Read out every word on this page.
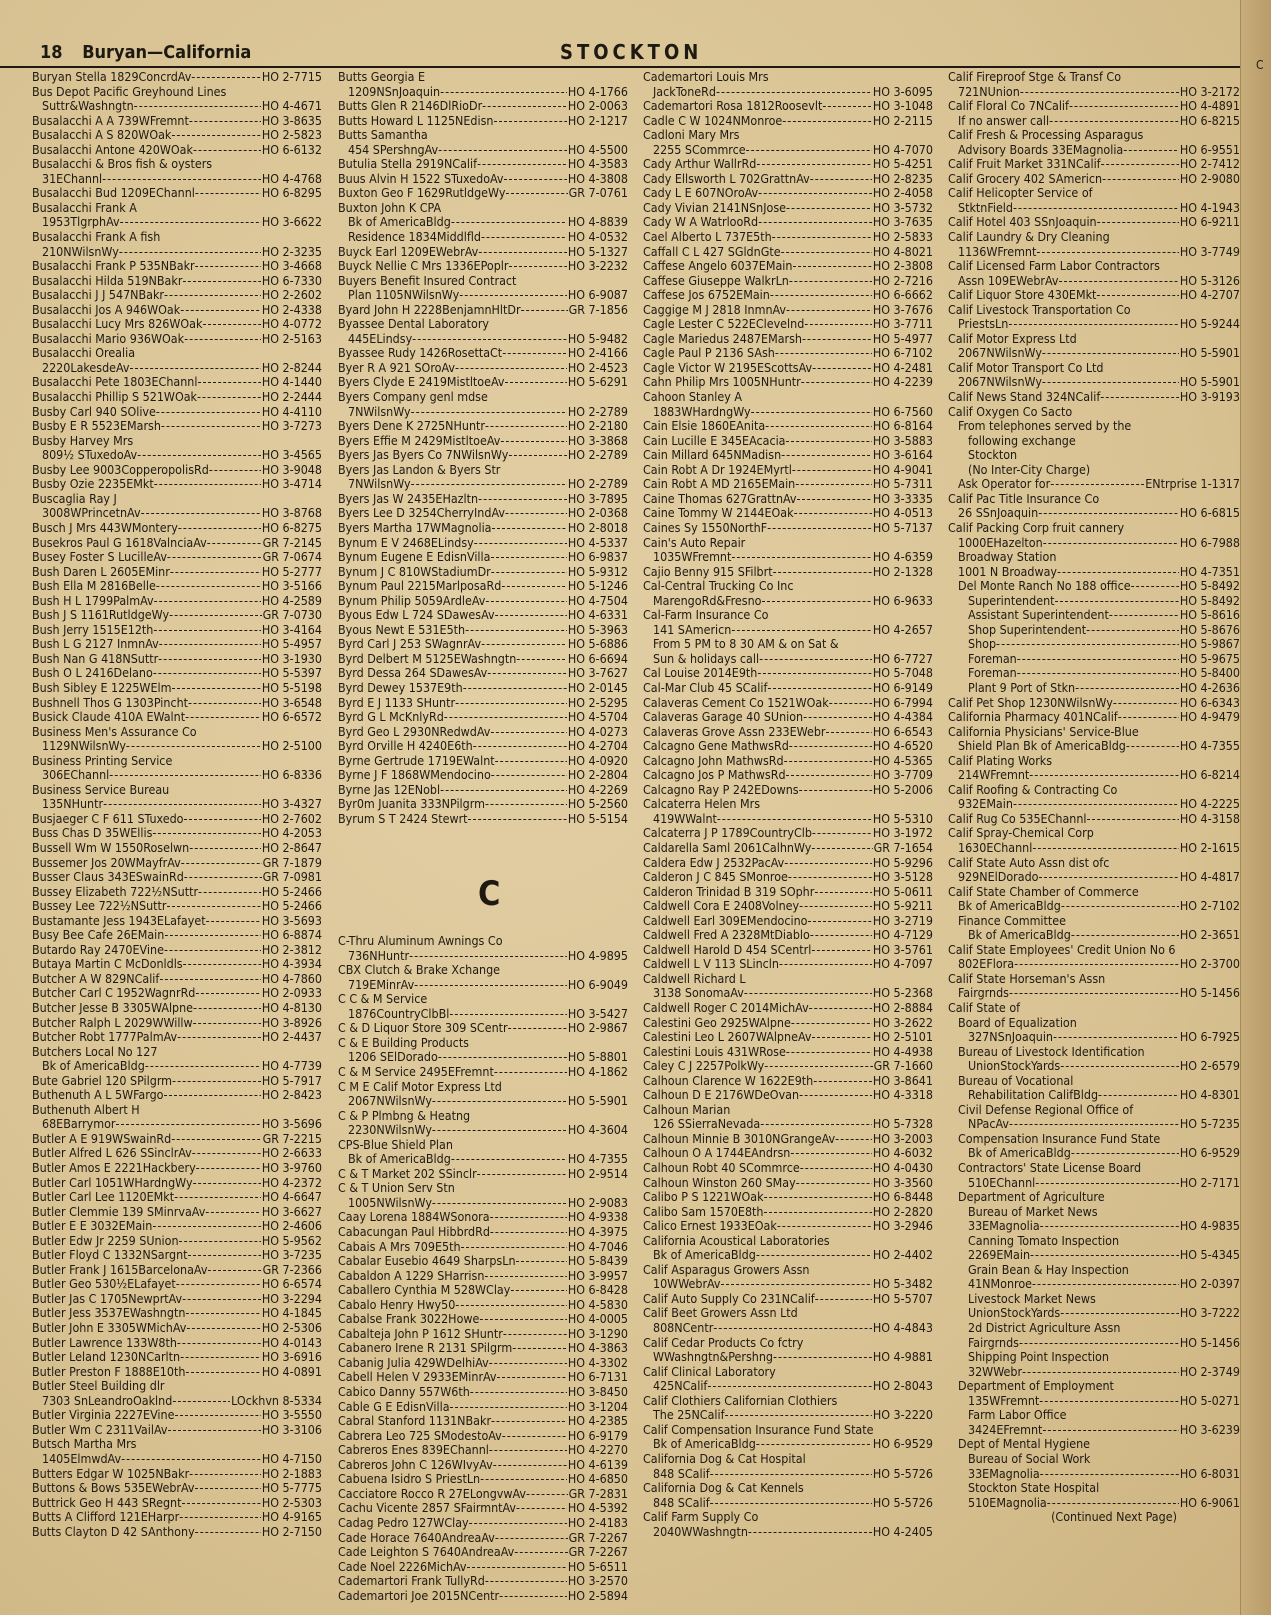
18 Buryan—California	STOCKTON
C
Buryan Stella 1829ConcrdAv -----	HO 2-7715
Bus Depot Pacific Greyhound Lines
Suttr&Washngtn -----	HO 4-4671
Busalacchi A A 739WFremnt -----	HO 3-8635
Busalacchi A S 820WOak -----	HO 2-5823
Busalacchi Antone 420WOak -----	HO 6-6132
Busalacchi & Bros fish & oysters
31EChannl -----	HO 4-4768
Busalacchi Bud 1209EChannl -----	HO 6-8295
Busalacchi Frank A
1953TlgrphAv -----	HO 3-6622
Busalacchi Frank A fish
210NWilsnWy -----	HO 2-3235
Busalacchi Frank P 535NBakr -----	HO 3-4668
Busalacchi Hilda 519NBakr -----	HO 6-7330
Busalacchi J J 547NBakr -----	HO 2-2602
Busalacchi Jos A 946WOak -----	HO 2-4338
Busalacchi Lucy Mrs 826WOak -----	HO 4-0772
Busalacchi Mario 936WOak -----	HO 2-5163
Busalacchi Orealia
2220LakesdeAv -----	HO 2-8244
Busalacchi Pete 1803EChannl -----	HO 4-1440
Busalacchi Phillip S 521WOak -----	HO 2-2444
Busby Carl 940 SOlive -----	HO 4-4110
Busby E R 5523EMarsh -----	HO 3-7273
Busby Harvey Mrs
809½ STuxedoAv -----	HO 3-4565
Busby Lee 9003CopperopolisRd -----	HO 3-9048
Busby Ozie 2235EMkt -----	HO 3-4714
Buscaglia Ray J
3008WPrincetnAv -----	HO 3-8768
Busch J Mrs 443WMontery -----	HO 6-8275
Busekros Paul G 1618ValnciaAv -----	GR 7-2145
Busey Foster S LucilleAv -----	GR 7-0674
Bush Daren L 2605EMinr -----	HO 5-2777
Bush Ella M 2816Belle -----	HO 3-5166
Bush H L 1799PalmAv -----	HO 4-2589
Bush J S 1161RutldgeWy -----	GR 7-0730
Bush Jerry 1515E12th -----	HO 3-4164
Bush L G 2127 InmnAv -----	HO 5-4957
Bush Nan G 418NSuttr -----	HO 3-1930
Bush O L 2416Delano -----	HO 5-5397
Bush Sibley E 1225WElm -----	HO 5-5198
Bushnell Thos G 1303Pincht -----	HO 3-6548
Busick Claude 410A EWalnt -----	HO 6-6572
Business Men's Assurance Co
1129NWilsnWy -----	HO 2-5100
Business Printing Service
306EChannl -----	HO 6-8336
Business Service Bureau
135NHuntr -----	HO 3-4327
Busjaeger C F 611 STuxedo -----	HO 2-7602
Buss Chas D 35WEllis -----	HO 4-2053
Bussell Wm W 1550Roselwn -----	HO 2-8647
Bussemer Jos 20WMayfrAv -----	GR 7-1879
Busser Claus 343ESwainRd -----	GR 7-0981
Bussey Elizabeth 722½NSuttr -----	HO 5-2466
Bussey Lee 722½NSuttr -----	HO 5-2466
Bustamante Jess 1943ELafayet -----	HO 3-5693
Busy Bee Cafe 26EMain -----	HO 6-8874
Butardo Ray 2470EVine -----	HO 2-3812
Butaya Martin C McDonldls -----	HO 4-3934
Butcher A W 829NCalif -----	HO 4-7860
Butcher Carl C 1952WagnrRd -----	HO 2-0933
Butcher Jesse B 3305WAlpne -----	HO 4-8130
Butcher Ralph L 2029WWillw -----	HO 3-8926
Butcher Robt 1777PalmAv -----	HO 2-4437
Butchers Local No 127
Bk of AmericaBldg -----	HO 4-7739
Bute Gabriel 120 SPilgrm -----	HO 5-7917
Buthenuth A L 5WFargo -----	HO 2-8423
Buthenuth Albert H
68EBarrymor -----	HO 3-5696
Butler A E 919WSwainRd -----	GR 7-2215
Butler Alfred L 626 SSinclrAv -----	HO 2-6633
Butler Amos E 2221Hackbery -----	HO 3-9760
Butler Carl 1051WHardngWy -----	HO 4-2372
Butler Carl Lee 1120EMkt -----	HO 4-6647
Butler Clemmie 139 SMinrvaAv -----	HO 3-6627
Butler E E 3032EMain -----	HO 2-4606
Butler Edw Jr 2259 SUnion -----	HO 5-9562
Butler Floyd C 1332NSargnt -----	HO 3-7235
Butler Frank J 1615BarcelonaAv -----	GR 7-2366
Butler Geo 530½ELafayet -----	HO 6-6574
Butler Jas C 1705NewprtAv -----	HO 3-2294
Butler Jess 3537EWashngtn -----	HO 4-1845
Butler John E 3305WMichAv -----	HO 2-5306
Butler Lawrence 133W8th -----	HO 4-0143
Butler Leland 1230NCarltn -----	HO 3-6916
Butler Preston F 1888E10th -----	HO 4-0891
Butler Steel Building dlr
7303 SnLeandroOaklnd -----	LOckhvn 8-5334
Butler Virginia 2227EVine -----	HO 3-5550
Butler Wm C 2311VailAv -----	HO 3-3106
Butsch Martha Mrs
1405ElmwdAv -----	HO 4-7150
Butters Edgar W 1025NBakr -----	HO 2-1883
Buttons & Bows 535EWebrAv -----	HO 5-7775
Buttrick Geo H 443 SRegnt -----	HO 2-5303
Butts A Clifford 121EHarpr -----	HO 4-9165
Butts Clayton D 42 SAnthony -----	HO 2-7150
Butts Georgia E
1209NSnJoaquin -----	HO 4-1766
Butts Glen R 2146DlRioDr -----	HO 2-0063
Butts Howard L 1125NEdisn -----	HO 2-1217
Butts Samantha
454 SPershngAv -----	HO 4-5500
Butulia Stella 2919NCalif -----	HO 4-3583
Buus Alvin H 1522 STuxedoAv -----	HO 4-3808
Buxton Geo F 1629RutldgeWy -----	GR 7-0761
Buxton John K CPA
Bk of AmericaBldg -----	HO 4-8839
Residence 1834Middlfld -----	HO 4-0532
Buyck Earl 1209EWebrAv -----	HO 5-1327
Buyck Nellie C Mrs 1336EPoplr -----	HO 3-2232
Buyers Benefit Insured Contract
Plan 1105NWilsnWy -----	HO 6-9087
Byard John H 2228BenjamnHltDr -----	GR 7-1856
Byassee Dental Laboratory
445ELindsy -----	HO 5-9482
Byassee Rudy 1426RosettaCt -----	HO 2-4166
Byer R A 921 SOroAv -----	HO 2-4523
Byers Clyde E 2419MistltoeAv -----	HO 5-6291
Byers Company genl mdse
7NWilsnWy -----	HO 2-2789
Byers Dene K 2725NHuntr -----	HO 2-2180
Byers Effie M 2429MistltoeAv -----	HO 3-3868
Byers Jas Byers Co 7NWilsnWy -----	HO 2-2789
Byers Jas Landon & Byers Str
7NWilsnWy -----	HO 2-2789
Byers Jas W 2435EHazltn -----	HO 3-7895
Byers Lee D 3254CherryIndAv -----	HO 2-0368
Byers Martha 17WMagnolia -----	HO 2-8018
Bynum E V 2468ELindsy -----	HO 4-5337
Bynum Eugene E EdisnVilla -----	HO 6-9837
Bynum J C 810WStadiumDr -----	HO 5-9312
Bynum Paul 2215MarlposaRd -----	HO 5-1246
Bynum Philip 5059ArdleAv -----	HO 4-7504
Byous Edw L 724 SDawesAv -----	HO 4-6331
Byous Newt E 531E5th -----	HO 5-3963
Byrd Carl J 253 SWagnrAv -----	HO 5-6886
Byrd Delbert M 5125EWashngtn -----	HO 6-6694
Byrd Dessa 264 SDawesAv -----	HO 3-7627
Byrd Dewey 1537E9th -----	HO 2-0145
Byrd E J 1133 SHuntr -----	HO 2-5295
Byrd G L McKnlyRd -----	HO 4-5704
Byrd Geo L 2930NRedwdAv -----	HO 4-0273
Byrd Orville H 4240E6th -----	HO 4-2704
Byrne Gertrude 1719EWalnt -----	HO 4-0920
Byrne J F 1868WMendocino -----	HO 2-2804
Byrne Jas 12ENobl -----	HO 4-2269
Byr0m Juanita 333NPilgrm -----	HO 5-2560
Byrum S T 2424 Stewrt -----	HO 5-5154
C
C-Thru Aluminum Awnings Co
736NHuntr -----	HO 4-9895
CBX Clutch & Brake Xchange
719EMinrAv -----	HO 6-9049
C C & M Service
1876CountryClbBl -----	HO 3-5427
C & D Liquor Store 309 SCentr -----	HO 2-9867
C & E Building Products
1206 SElDorado -----	HO 5-8801
C & M Service 2495EFremnt -----	HO 4-1862
C M E Calif Motor Express Ltd
2067NWilsnWy -----	HO 5-5901
C & P Plmbng & Heatng
2230NWilsnWy -----	HO 4-3604
CPS-Blue Shield Plan
Bk of AmericaBldg -----	HO 4-7355
C & T Market 202 SSinclr -----	HO 2-9514
C & T Union Serv Stn
1005NWilsnWy -----	HO 2-9083
Caay Lorena 1884WSonora -----	HO 4-9338
Cabacungan Paul HibbrdRd -----	HO 4-3975
Cabais A Mrs 709E5th -----	HO 4-7046
Cabalar Eusebio 4649 SharpsLn -----	HO 5-8439
Cabaldon A 1229 SHarrisn -----	HO 3-9957
Caballero Cynthia M 528WClay -----	HO 6-8428
Cabalo Henry Hwy50 -----	HO 4-5830
Cabalse Frank 3022Howe -----	HO 4-0005
Cabalteja John P 1612 SHuntr -----	HO 3-1290
Cabanero Irene R 2131 SPilgrm -----	HO 4-3863
Cabanig Julia 429WDelhiAv -----	HO 4-3302
Cabell Helen V 2933EMinrAv -----	HO 6-7131
Cabico Danny 557W6th -----	HO 3-8450
Cable G E EdisnVilla -----	HO 3-1204
Cabral Stanford 1131NBakr -----	HO 4-2385
Cabrera Leo 725 SModestoAv -----	HO 6-9179
Cabreros Enes 839EChannl -----	HO 4-2270
Cabreros John C 126WIvyAv -----	HO 4-6139
Cabuena Isidro S PriestLn -----	HO 4-6850
Cacciatore Rocco R 27ELongvwAv -----	GR 7-2831
Cachu Vicente 2857 SFairmntAv -----	HO 4-5392
Cadag Pedro 127WClay -----	HO 2-4183
Cade Horace 7640AndreaAv -----	GR 7-2267
Cade Leighton S 7640AndreaAv -----	GR 7-2267
Cade Noel 2226MichAv -----	HO 5-6511
Cademartori Frank TullyRd -----	HO 3-2570
Cademartori Joe 2015NCentr -----	HO 2-5894
Cademartori Louis Mrs
JackToneRd -----	HO 3-6095
Cademartori Rosa 1812Roosevlt -----	HO 3-1048
Cadle C W 1024NMonroe -----	HO 2-2115
Cadloni Mary Mrs
2255 SCommrce -----	HO 4-7070
Cady Arthur WallrRd -----	HO 5-4251
Cady Ellsworth L 702GrattnAv -----	HO 2-8235
Cady L E 607NOroAv -----	HO 2-4058
Cady Vivian 2141NSnJose -----	HO 3-5732
Cady W A WatrlooRd -----	HO 3-7635
Cael Alberto L 737E5th -----	HO 2-5833
Caffall C L 427 SGldnGte -----	HO 4-8021
Caffese Angelo 6037EMain -----	HO 2-3808
Caffese Giuseppe WalkrLn -----	HO 2-7216
Caffese Jos 6752EMain -----	HO 6-6662
Caggige M J 2818 InmnAv -----	HO 3-7676
Cagle Lester C 522EClevelnd -----	HO 3-7711
Cagle Mariedus 2487EMarsh -----	HO 5-4977
Cagle Paul P 2136 SAsh -----	HO 6-7102
Cagle Victor W 2195EScottsAv -----	HO 4-2481
Cahn Philip Mrs 1005NHuntr -----	HO 4-2239
Cahoon Stanley A
1883WHardngWy -----	HO 6-7560
Cain Elsie 1860EAnita -----	HO 6-8164
Cain Lucille E 345EAcacia -----	HO 3-5883
Cain Millard 645NMadisn -----	HO 3-6164
Cain Robt A Dr 1924EMyrtl -----	HO 4-9041
Cain Robt A MD 2165EMain -----	HO 5-7311
Caine Thomas 627GrattnAv -----	HO 3-3335
Caine Tommy W 2144EOak -----	HO 4-0513
Caines Sy 1550NorthF -----	HO 5-7137
Cain's Auto Repair
1035WFremnt -----	HO 4-6359
Cajio Benny 915 SFilbrt -----	HO 2-1328
Cal-Central Trucking Co Inc
MarengoRd&Fresno -----	HO 6-9633
Cal-Farm Insurance Co
141 SAmericn -----	HO 4-2657
From 5 PM to 8 30 AM & on Sat &
Sun & holidays call -----	HO 6-7727
Cal Louise 2014E9th -----	HO 5-7048
Cal-Mar Club 45 SCalif -----	HO 6-9149
Calaveras Cement Co 1521WOak -----	HO 6-7994
Calaveras Garage 40 SUnion -----	HO 4-4384
Calaveras Grove Assn 233EWebr -----	HO 6-6543
Calcagno Gene MathwsRd -----	HO 4-6520
Calcagno John MathwsRd -----	HO 4-5365
Calcagno Jos P MathwsRd -----	HO 3-7709
Calcagno Ray P 242EDowns -----	HO 5-2006
Calcaterra Helen Mrs
419WWalnt -----	HO 5-5310
Calcaterra J P 1789CountryClb -----	HO 3-1972
Caldarella Saml 2061CalhnWy -----	GR 7-1654
Caldera Edw J 2532PacAv -----	HO 5-9296
Calderon J C 845 SMonroe -----	HO 3-5128
Calderon Trinidad B 319 SOphr -----	HO 5-0611
Caldwell Cora E 2408Volney -----	HO 5-9211
Caldwell Earl 309EMendocino -----	HO 3-2719
Caldwell Fred A 2328MtDiablo -----	HO 4-7129
Caldwell Harold D 454 SCentrl -----	HO 3-5761
Caldwell L V 113 SLincln -----	HO 4-7097
Caldwell Richard L
3138 SonomaAv -----	HO 5-2368
Caldwell Roger C 2014MichAv -----	HO 2-8884
Calestini Geo 2925WAlpne -----	HO 3-2622
Calestini Leo L 2607WAlpneAv -----	HO 2-5101
Calestini Louis 431WRose -----	HO 4-4938
Caley C J 2257PolkWy -----	GR 7-1660
Calhoun Clarence W 1622E9th -----	HO 3-8641
Calhoun D E 2176WDeOvan -----	HO 4-3318
Calhoun Marian
126 SSierraNevada -----	HO 5-7328
Calhoun Minnie B 3010NGrangeAv -----	HO 3-2003
Calhoun O A 1744EAndrsn -----	HO 4-6032
Calhoun Robt 40 SCommrce -----	HO 4-0430
Calhoun Winston 260 SMay -----	HO 3-3560
Calibo P S 1221WOak -----	HO 6-8448
Calibo Sam 1570E8th -----	HO 2-2820
Calico Ernest 1933EOak -----	HO 3-2946
California Acoustical Laboratories
Bk of AmericaBldg -----	HO 2-4402
Calif Asparagus Growers Assn
10WWebrAv -----	HO 5-3482
Calif Auto Supply Co 231NCalif -----	HO 5-5707
Calif Beet Growers Assn Ltd
808NCentr -----	HO 4-4843
Calif Cedar Products Co fctry
WWashngtn&Pershng -----	HO 4-9881
Calif Clinical Laboratory
425NCalif -----	HO 2-8043
Calif Clothiers Californian Clothiers
The 25NCalif -----	HO 3-2220
Calif Compensation Insurance Fund State
Bk of AmericaBldg -----	HO 6-9529
California Dog & Cat Hospital
848 SCalif -----	HO 5-5726
California Dog & Cat Kennels
848 SCalif -----	HO 5-5726
Calif Farm Supply Co
2040WWashngtn -----	HO 4-2405
Calif Fireproof Stge & Transf Co
721NUnion -----	HO 3-2172
Calif Floral Co 7NCalif -----	HO 4-4891
If no answer call -----	HO 6-8215
Calif Fresh & Processing Asparagus
Advisory Boards 33EMagnolia -----	HO 6-9551
Calif Fruit Market 331NCalif -----	HO 2-7412
Calif Grocery 402 SAmericn -----	HO 2-9080
Calif Helicopter Service of
StktnField -----	HO 4-1943
Calif Hotel 403 SSnJoaquin -----	HO 6-9211
Calif Laundry & Dry Cleaning
1136WFremnt -----	HO 3-7749
Calif Licensed Farm Labor Contractors
Assn 109EWebrAv -----	HO 5-3126
Calif Liquor Store 430EMkt -----	HO 4-2707
Calif Livestock Transportation Co
PriestsLn -----	HO 5-9244
Calif Motor Express Ltd
2067NWilsnWy -----	HO 5-5901
Calif Motor Transport Co Ltd
2067NWilsnWy -----	HO 5-5901
Calif News Stand 324NCalif -----	HO 3-9193
Calif Oxygen Co Sacto
From telephones served by the
following exchange
Stockton
(No Inter-City Charge)
Ask Operator for -----	ENtrprise 1-1317
Calif Pac Title Insurance Co
26 SSnJoaquin -----	HO 6-6815
Calif Packing Corp fruit cannery
1000EHazelton -----	HO 6-7988
Broadway Station
1001 N Broadway -----	HO 4-7351
Del Monte Ranch No 188 office -----	HO 5-8492
Superintendent -----	HO 5-8492
Assistant Superintendent -----	HO 5-8616
Shop Superintendent -----	HO 5-8676
Shop -----	HO 5-9867
Foreman -----	HO 5-9675
Foreman -----	HO 5-8400
Plant 9 Port of Stkn -----	HO 4-2636
Calif Pet Shop 1230NWilsnWy -----	HO 6-6343
California Pharmacy 401NCalif -----	HO 4-9479
California Physicians' Service-Blue
Shield Plan Bk of AmericaBldg -----	HO 4-7355
Calif Plating Works
214WFremnt -----	HO 6-8214
Calif Roofing & Contracting Co
932EMain -----	HO 4-2225
Calif Rug Co 535EChannl -----	HO 4-3158
Calif Spray-Chemical Corp
1630EChannl -----	HO 2-1615
Calif State Auto Assn dist ofc
929NElDorado -----	HO 4-4817
Calif State Chamber of Commerce
Bk of AmericaBldg -----	HO 2-7102
Finance Committee
Bk of AmericaBldg -----	HO 2-3651
Calif State Employees' Credit Union No 6
802EFlora -----	HO 2-3700
Calif State Horseman's Assn
Fairgrnds -----	HO 5-1456
Calif State of
Board of Equalization
327NSnJoaquin -----	HO 6-7925
Bureau of Livestock Identification
UnionStockYards -----	HO 2-6579
Bureau of Vocational
Rehabilitation CalifBldg -----	HO 4-8301
Civil Defense Regional Office of
NPacAv -----	HO 5-7235
Compensation Insurance Fund State
Bk of AmericaBldg -----	HO 6-9529
Contractors' State License Board
510EChannl -----	HO 2-7171
Department of Agriculture
Bureau of Market News
33EMagnolia -----	HO 4-9835
Canning Tomato Inspection
2269EMain -----	HO 5-4345
Grain Bean & Hay Inspection
41NMonroe -----	HO 2-0397
Livestock Market News
UnionStockYards -----	HO 3-7222
2d District Agriculture Assn
Fairgrnds -----	HO 5-1456
Shipping Point Inspection
32WWebr -----	HO 2-3749
Department of Employment
135WFremnt -----	HO 5-0271
Farm Labor Office
3424EFremnt -----	HO 3-6239
Dept of Mental Hygiene
Bureau of Social Work
33EMagnolia -----	HO 6-8031
Stockton State Hospital
510EMagnolia -----	HO 6-9061
(Continued Next Page)
